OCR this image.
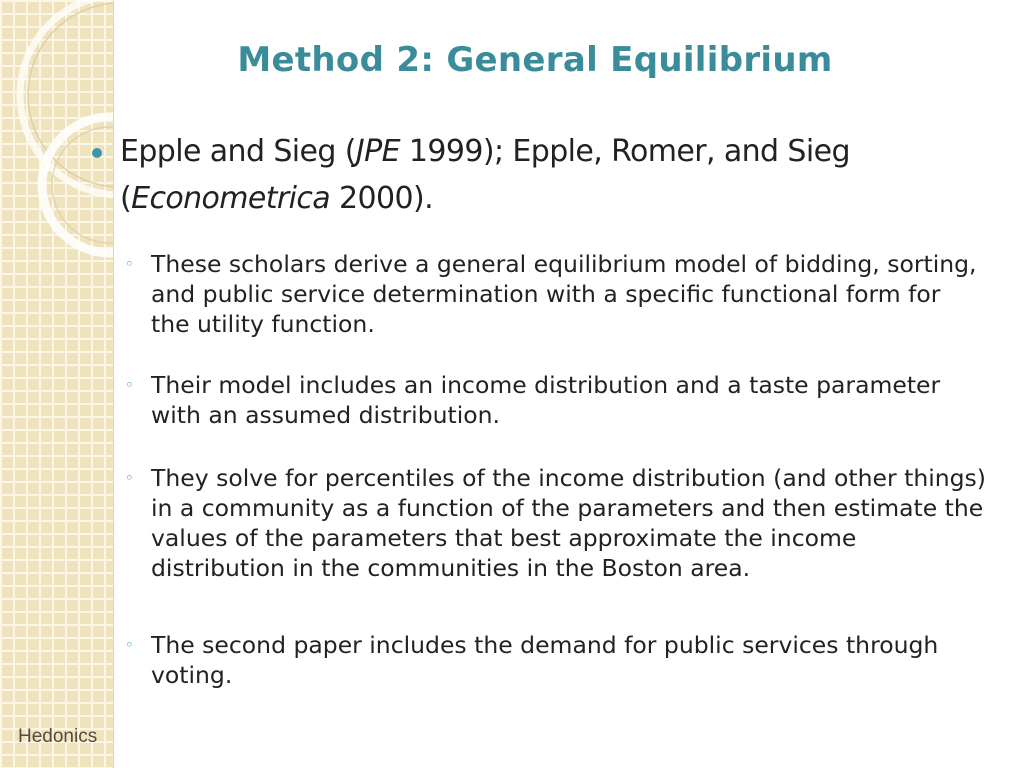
Hedonics
Method 2: General Equilibrium
Epple and Sieg (JPE 1999); Epple, Romer, and Sieg
(Econometrica 2000).
◦ These scholars derive a general equilibrium model of bidding, sorting, and public service determination with a specific functional form for the utility function.
◦ Their model includes an income distribution and a taste parameter with an assumed distribution.
◦ They solve for percentiles of the income distribution (and other things) in a community as a function of the parameters and then estimate the values of the parameters that best approximate the income distribution in the communities in the Boston area.
◦ The second paper includes the demand for public services through voting.
